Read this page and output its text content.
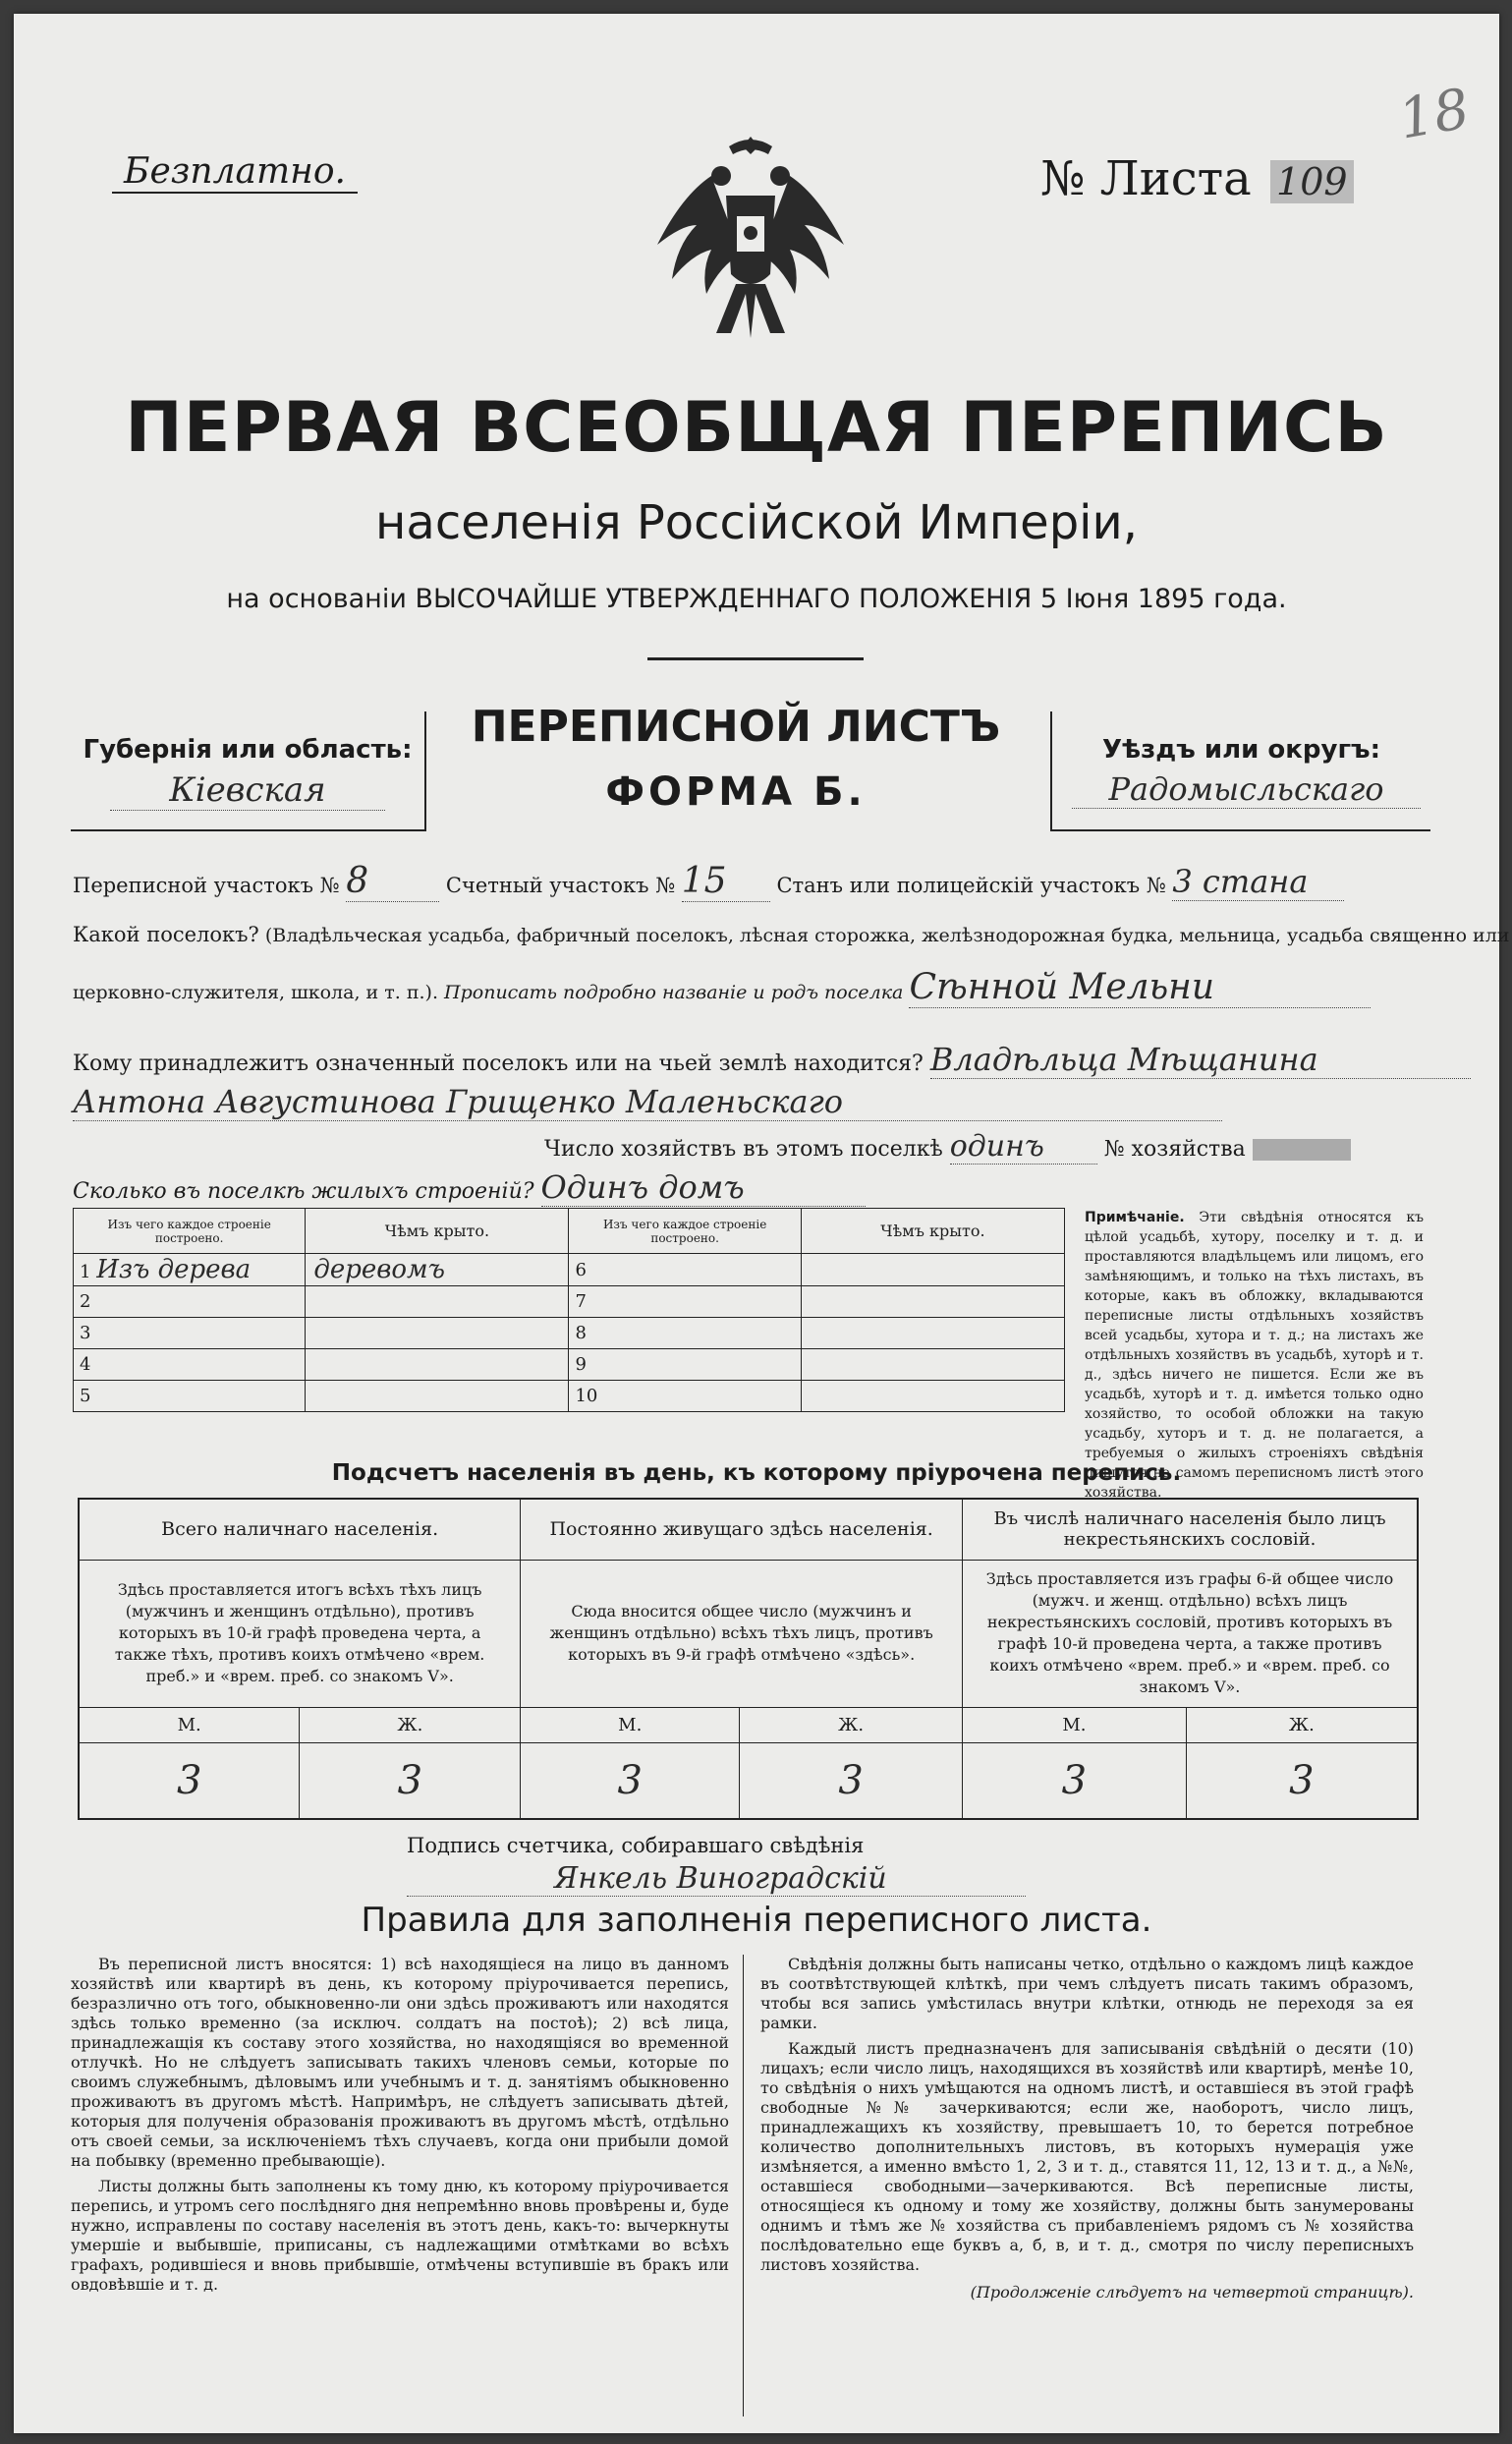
Безплатно.	№ Листа 109
18
ПЕРВАЯ ВСЕОБЩАЯ ПЕРЕПИСЬ
населенія Россійской Имперіи,
на основаніи ВЫСОЧАЙШЕ УТВЕРЖДЕННАГО ПОЛОЖЕНІЯ 5 Іюня 1895 года.
Губернія или область:
Кіевская
ПЕРЕПИСНОЙ ЛИСТЪ
ФОРМА Б.
Уѣздъ или округъ:
Радомысльскаго
Переписной участокъ № 8	Счетный участокъ № 15 Станъ или полицейскій участокъ № 3 стана
Какой поселокъ? (Владѣльческая усадьба, фабричный поселокъ, лѣсная сторожка, желѣзнодорожная будка, мельница, усадьба священно или
церковно-служителя, школа, и т. п.). Прописать подробно названіе и родъ поселка Сѣнной Мельни
Кому принадлежитъ означенный поселокъ или на чьей землѣ находится? Владѣльца Мѣщанина
Антона Августинова Грищенко Маленьскаго
Число хозяйствъ въ этомъ поселкѣ одинъ	№ хозяйства
Сколько въ поселкѣ жилыхъ строеній? Одинъ домъ
Изъ чего каждое строеніе построено.	Чѣмъ крыто.	Изъ чего каждое строеніе построено.	Чѣмъ крыто.
1 Изъ дерева	деревомъ	6	
2		7	
3		8	
4		9	
5		10	
Примѣчаніе. Эти свѣдѣнія относятся къ цѣлой усадьбѣ, хутору, поселку и т. д. и проставляются владѣльцемъ или лицомъ, его замѣняющимъ, и только на тѣхъ листахъ, въ которые, какъ въ обложку, вкладываются переписные листы отдѣльныхъ хозяйствъ всей усадьбы, хутора и т. д.; на листахъ же отдѣльныхъ хозяйствъ въ усадьбѣ, хуторѣ и т. д., здѣсь ничего не пишется. Если же въ усадьбѣ, хуторѣ и т. д. имѣется только одно хозяйство, то особой обложки на такую усадьбу, хуторъ и т. д. не полагается, а требуемыя о жилыхъ строеніяхъ свѣдѣнія пишутся на самомъ переписномъ листѣ этого хозяйства.
Подсчетъ населенія въ день, къ которому пріурочена перепись.
Всего наличнаго населенія.		Постоянно живущаго здѣсь населенія.		Въ числѣ наличнаго населенія было лицъ некрестьянскихъ сословій.	
Здѣсь проставляется итогъ всѣхъ тѣхъ лицъ (мужчинъ и женщинъ отдѣльно), противъ которыхъ въ 10-й графѣ проведена черта, а также тѣхъ, противъ коихъ отмѣчено «врем. преб.» и «врем. преб. со знакомъ V».		Сюда вносится общее число (мужчинъ и женщинъ отдѣльно) всѣхъ тѣхъ лицъ, противъ которыхъ въ 9-й графѣ отмѣчено «здѣсь».		Здѣсь проставляется изъ графы 6-й общее число (мужч. и женщ. отдѣльно) всѣхъ лицъ некрестьянскихъ сословій, противъ которыхъ въ графѣ 10-й проведена черта, а также противъ коихъ отмѣчено «врем. преб.» и «врем. преб. со знакомъ V».	
М.	Ж.	М.	Ж.	М.	Ж.
3	3	3	3	3	3
Подпись счетчика, собиравшаго свѣдѣнія
Янкель Виноградскій
Правила для заполненія переписного листа.

Въ переписной листъ вносятся: 1) всѣ находящіеся на лицо въ данномъ хозяйствѣ или квартирѣ въ день, къ которому пріурочивается перепись, безразлично отъ того, обыкновенно-ли они здѣсь проживаютъ или находятся здѣсь только временно (за исключ. солдатъ на постоѣ); 2) всѣ лица, принадлежащія къ составу этого хозяйства, но находящіяся во временной отлучкѣ. Но не слѣдуетъ записывать такихъ членовъ семьи, которые по своимъ служебнымъ, дѣловымъ или учебнымъ и т. д. занятіямъ обыкновенно проживаютъ въ другомъ мѣстѣ. Напримѣръ, не слѣдуетъ записывать дѣтей, которыя для полученія образованія проживаютъ въ другомъ мѣстѣ, отдѣльно отъ своей семьи, за исключеніемъ тѣхъ случаевъ, когда они прибыли домой на побывку (временно пребывающіе).

Листы должны быть заполнены къ тому дню, къ которому пріурочивается перепись, и утромъ сего послѣдняго дня непремѣнно вновь провѣрены и, буде нужно, исправлены по составу населенія въ этотъ день, какъ-то: вычеркнуты умершіе и выбывшіе, приписаны, съ надлежащими отмѣтками во всѣхъ графахъ, родившіеся и вновь прибывшіе, отмѣчены вступившіе въ бракъ или овдовѣвшіе и т. д.

Свѣдѣнія должны быть написаны четко, отдѣльно о каждомъ лицѣ каждое въ соотвѣтствующей клѣткѣ, при чемъ слѣдуетъ писать такимъ образомъ, чтобы вся запись умѣстилась внутри клѣтки, отнюдь не переходя за ея рамки.

Каждый листъ предназначенъ для записыванія свѣдѣній о десяти (10) лицахъ; если число лицъ, находящихся въ хозяйствѣ или квартирѣ, менѣе 10, то свѣдѣнія о нихъ умѣщаются на одномъ листѣ, и оставшіеся въ этой графѣ свободные №№ зачеркиваются; если же, наоборотъ, число лицъ, принадлежащихъ къ хозяйству, превышаетъ 10, то берется потребное количество дополнительныхъ листовъ, въ которыхъ нумерація уже измѣняется, а именно вмѣсто 1, 2, 3 и т. д., ставятся 11, 12, 13 и т. д., а №№, оставшіеся свободными—зачеркиваются. Всѣ переписные листы, относящіеся къ одному и тому же хозяйству, должны быть занумерованы однимъ и тѣмъ же № хозяйства съ прибавленіемъ рядомъ съ № хозяйства послѣдовательно еще буквъ а, б, в, и т. д., смотря по числу переписныхъ листовъ хозяйства.

(Продолженіе слѣдуетъ на четвертой страницѣ).
